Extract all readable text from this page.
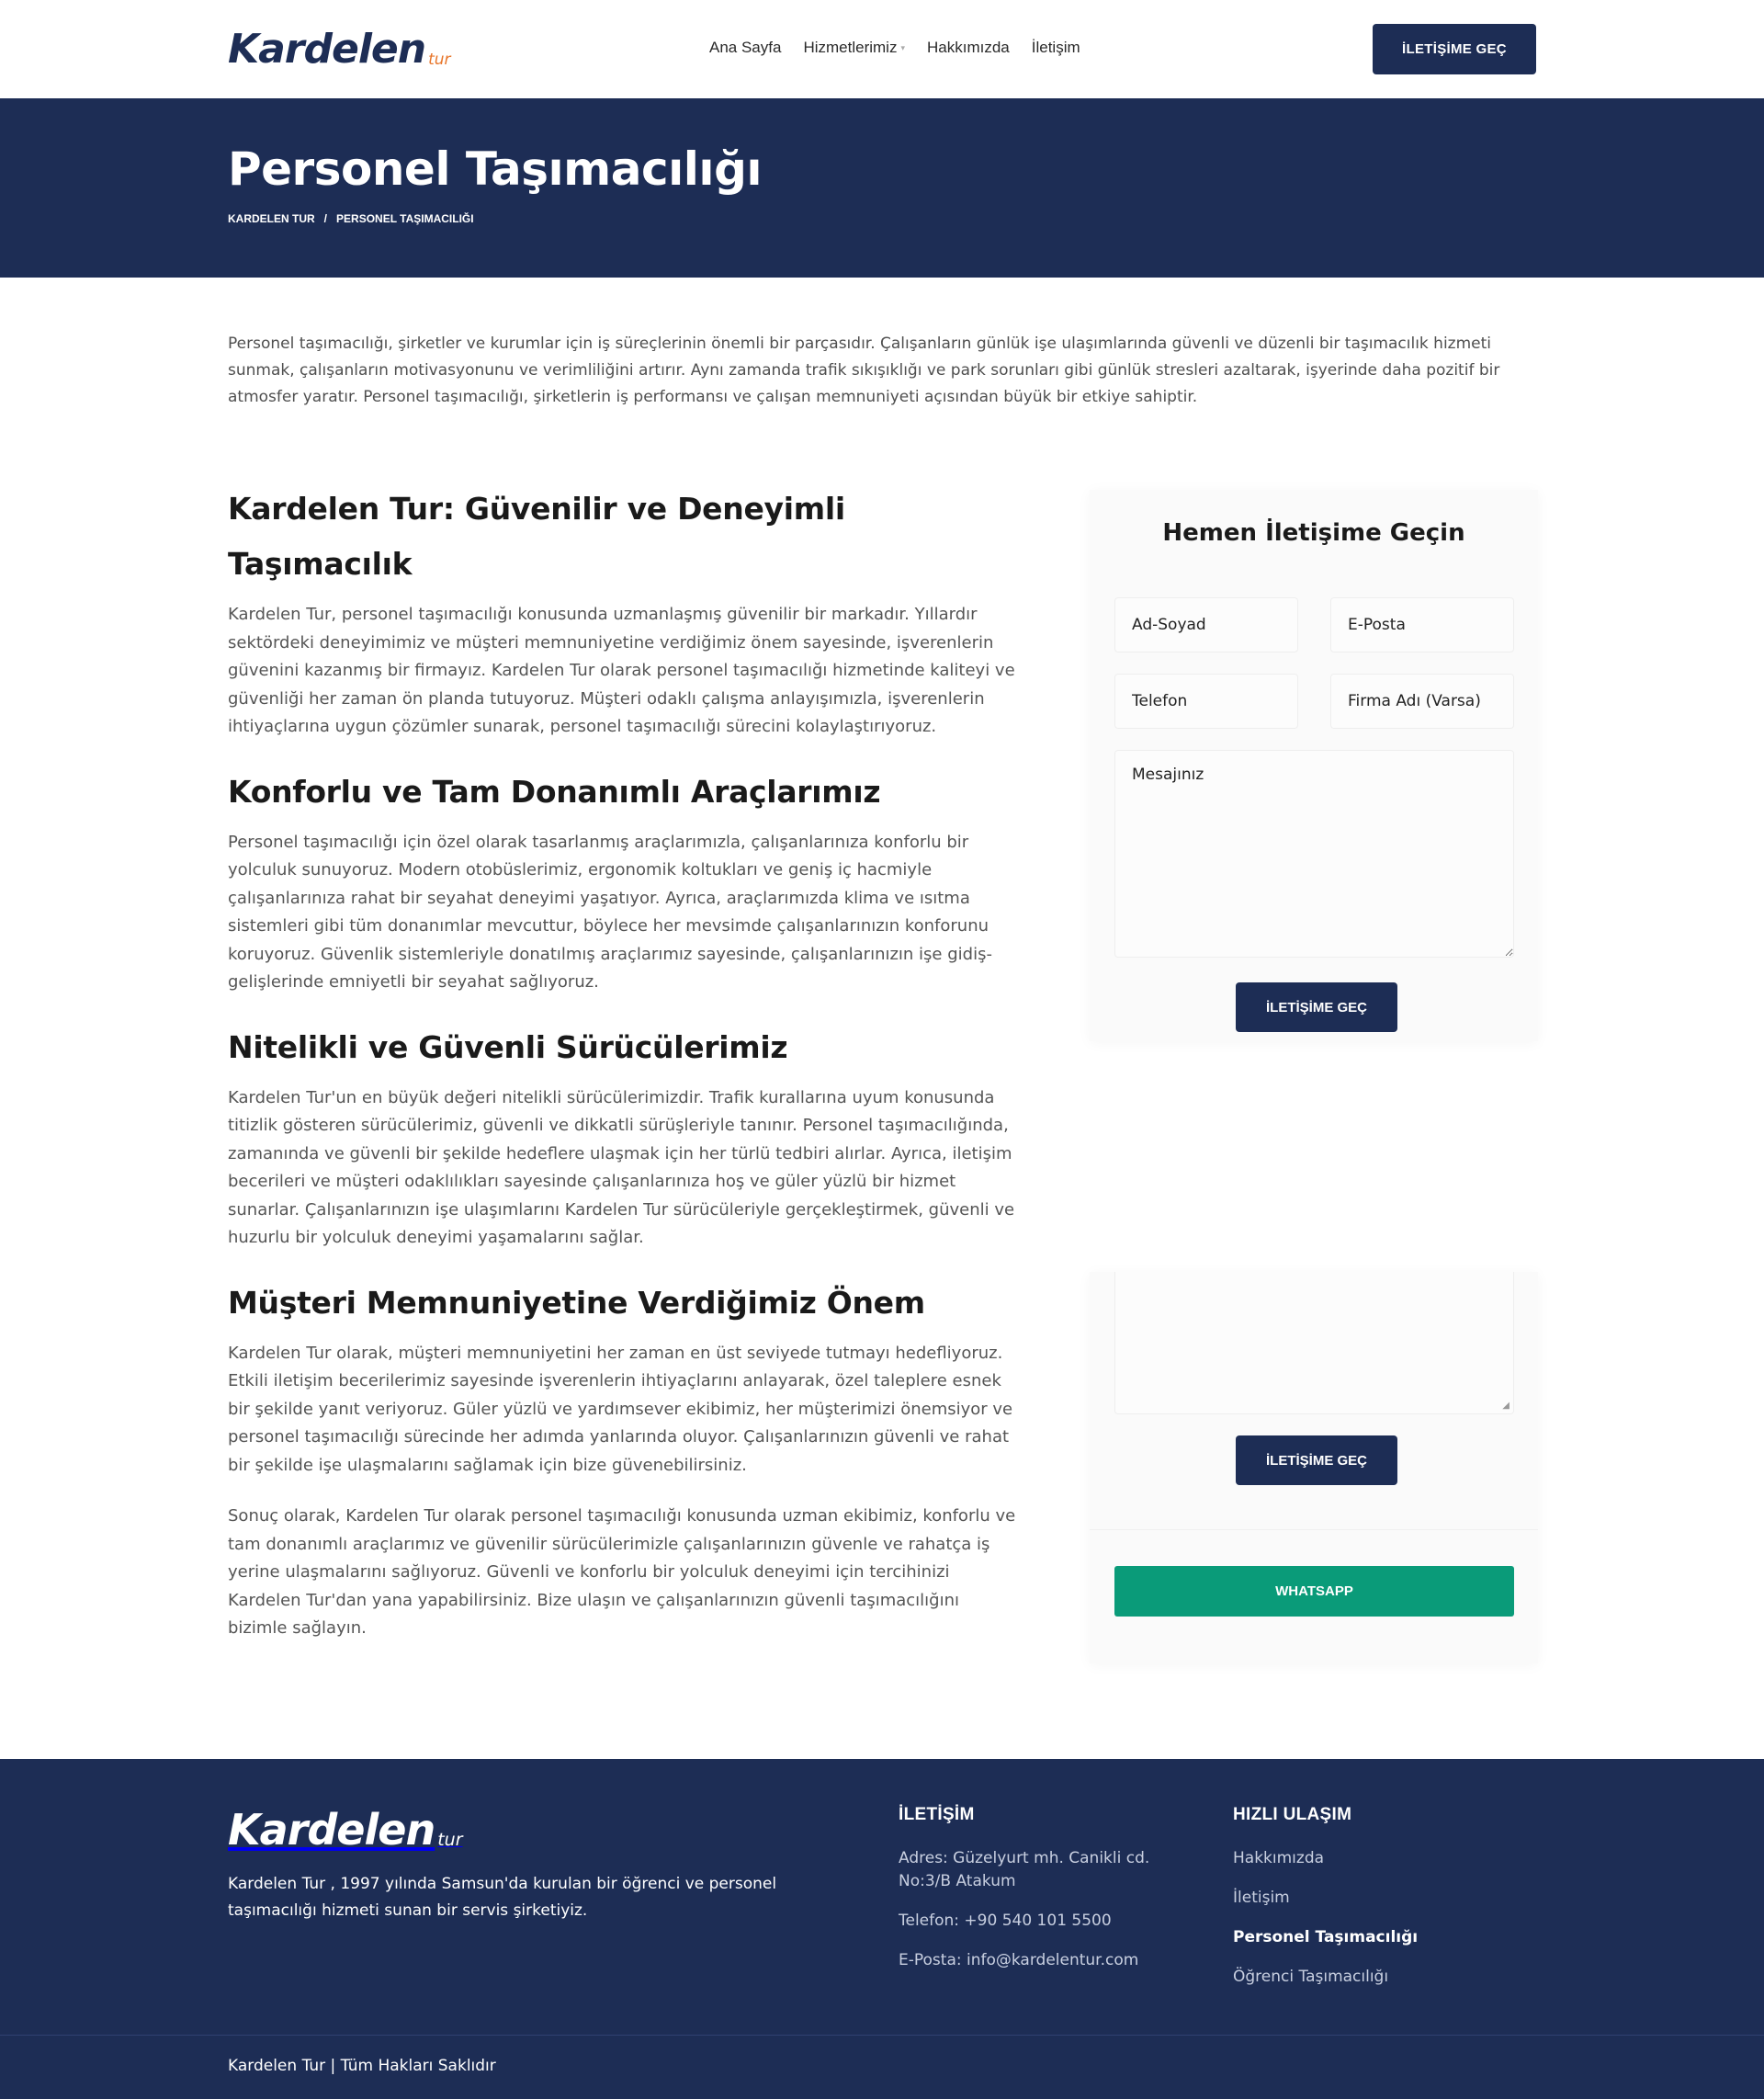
Kardelen tur
Ana Sayfa Hizmetlerimiz ▾ Hakkımızda İletişim	İLETİŞİME GEÇ
Personel Taşımacılığı
KARDELEN TUR / PERSONEL TAŞIMACILIĞI

Personel taşımacılığı, şirketler ve kurumlar için iş süreçlerinin önemli bir parçasıdır. Çalışanların günlük işe ulaşımlarında güvenli ve düzenli bir taşımacılık hizmeti sunmak, çalışanların motivasyonunu ve verimliliğini artırır. Aynı zamanda trafik sıkışıklığı ve park sorunları gibi günlük stresleri azaltarak, işyerinde daha pozitif bir atmosfer yaratır. Personel taşımacılığı, şirketlerin iş performansı ve çalışan memnuniyeti açısından büyük bir etkiye sahiptir.

Kardelen Tur: Güvenilir ve Deneyimli Taşımacılık

Kardelen Tur, personel taşımacılığı konusunda uzmanlaşmış güvenilir bir markadır. Yıllardır sektördeki deneyimimiz ve müşteri memnuniyetine verdiğimiz önem sayesinde, işverenlerin güvenini kazanmış bir firmayız. Kardelen Tur olarak personel taşımacılığı hizmetinde kaliteyi ve güvenliği her zaman ön planda tutuyoruz. Müşteri odaklı çalışma anlayışımızla, işverenlerin ihtiyaçlarına uygun çözümler sunarak, personel taşımacılığı sürecini kolaylaştırıyoruz.

Konforlu ve Tam Donanımlı Araçlarımız

Personel taşımacılığı için özel olarak tasarlanmış araçlarımızla, çalışanlarınıza konforlu bir yolculuk sunuyoruz. Modern otobüslerimiz, ergonomik koltukları ve geniş iç hacmiyle çalışanlarınıza rahat bir seyahat deneyimi yaşatıyor. Ayrıca, araçlarımızda klima ve ısıtma sistemleri gibi tüm donanımlar mevcuttur, böylece her mevsimde çalışanlarınızın konforunu koruyoruz. Güvenlik sistemleriyle donatılmış araçlarımız sayesinde, çalışanlarınızın işe gidiş-gelişlerinde emniyetli bir seyahat sağlıyoruz.

Nitelikli ve Güvenli Sürücülerimiz

Kardelen Tur'un en büyük değeri nitelikli sürücülerimizdir. Trafik kurallarına uyum konusunda titizlik gösteren sürücülerimiz, güvenli ve dikkatli sürüşleriyle tanınır. Personel taşımacılığında, zamanında ve güvenli bir şekilde hedeflere ulaşmak için her türlü tedbiri alırlar. Ayrıca, iletişim becerileri ve müşteri odaklılıkları sayesinde çalışanlarınıza hoş ve güler yüzlü bir hizmet sunarlar. Çalışanlarınızın işe ulaşımlarını Kardelen Tur sürücüleriyle gerçekleştirmek, güvenli ve huzurlu bir yolculuk deneyimi yaşamalarını sağlar.

Müşteri Memnuniyetine Verdiğimiz Önem

Kardelen Tur olarak, müşteri memnuniyetini her zaman en üst seviyede tutmayı hedefliyoruz. Etkili iletişim becerilerimiz sayesinde işverenlerin ihtiyaçlarını anlayarak, özel taleplere esnek bir şekilde yanıt veriyoruz. Güler yüzlü ve yardımsever ekibimiz, her müşterimizi önemsiyor ve personel taşımacılığı sürecinde her adımda yanlarında oluyor. Çalışanlarınızın güvenli ve rahat bir şekilde işe ulaşmalarını sağlamak için bize güvenebilirsiniz.

Sonuç olarak, Kardelen Tur olarak personel taşımacılığı konusunda uzman ekibimiz, konforlu ve tam donanımlı araçlarımız ve güvenilir sürücülerimizle çalışanlarınızın güvenle ve rahatça iş yerine ulaşmalarını sağlıyoruz. Güvenli ve konforlu bir yolculuk deneyimi için tercihinizi Kardelen Tur'dan yana yapabilirsiniz. Bize ulaşın ve çalışanlarınızın güvenli taşımacılığını bizimle sağlayın.

Hemen İletişime Geçin
Ad-Soyad
E-Posta
Telefon
Firma Adı (Varsa)
Mesajınız
İLETİŞİME GEÇ
◢
İLETİŞİME GEÇ
WHATSAPP
Kardelen tur

Kardelen Tur , 1997 yılında Samsun'da kurulan bir öğrenci ve personel taşımacılığı hizmeti sunan bir servis şirketiyiz.

İLETİŞİM
Adres: Güzelyurt mh. Canikli cd. No:3/B Atakum
Telefon: +90 540 101 5500
E-Posta: info@kardelentur.com
HIZLI ULAŞIM
Hakkımızda
İletişim
Personel Taşımacılığı
Öğrenci Taşımacılığı

Kardelen Tur | Tüm Hakları Saklıdır
